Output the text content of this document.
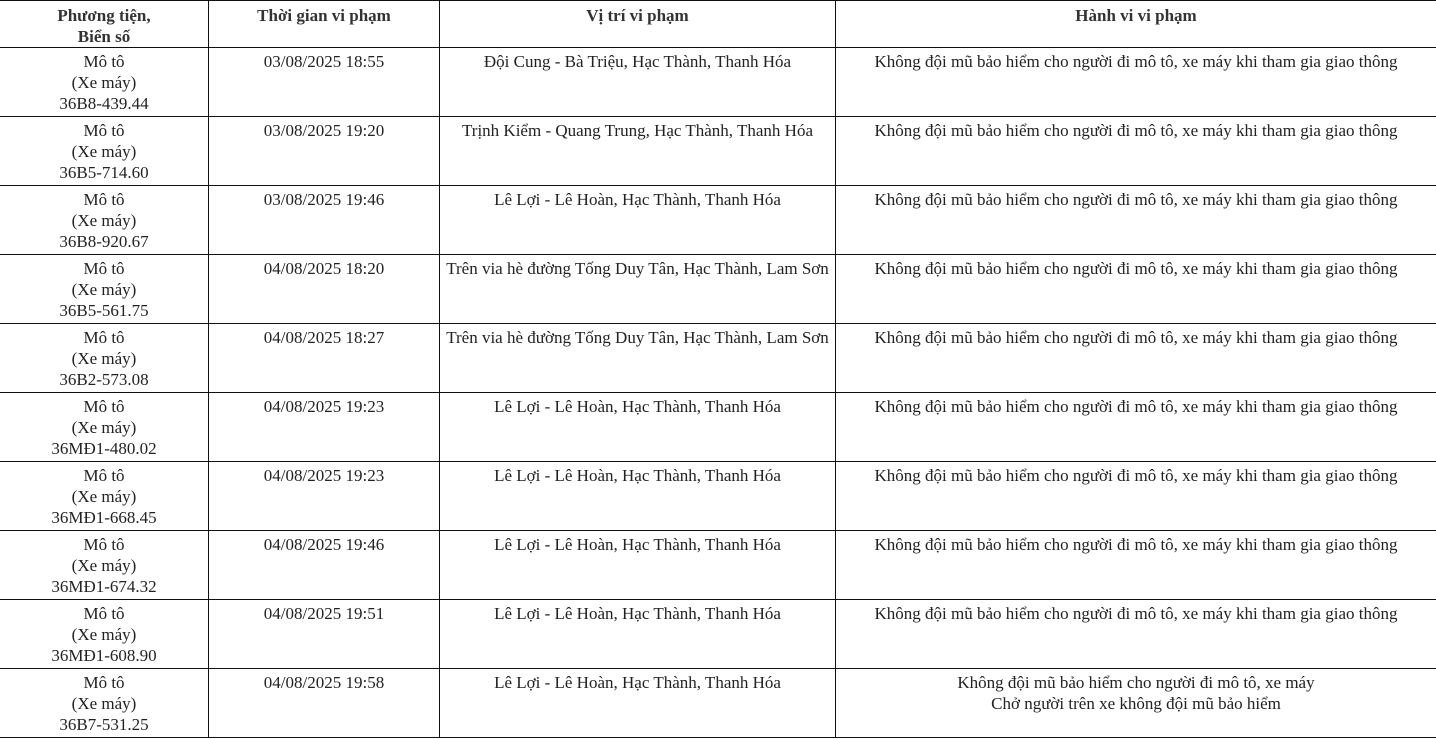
Phương tiện,
Biển số	Thời gian vi phạm	Vị trí vi phạm	Hành vi vi phạm

Mô tô
(Xe máy)
36B8-439.44	03/08/2025 18:55	Đội Cung - Bà Triệu, Hạc Thành, Thanh Hóa	Không đội mũ bảo hiểm cho người đi mô tô, xe máy khi tham gia giao thông

Mô tô
(Xe máy)
36B5-714.60	03/08/2025 19:20	Trịnh Kiểm - Quang Trung, Hạc Thành, Thanh Hóa	Không đội mũ bảo hiểm cho người đi mô tô, xe máy khi tham gia giao thông

Mô tô
(Xe máy)
36B8-920.67	03/08/2025 19:46	Lê Lợi - Lê Hoàn, Hạc Thành, Thanh Hóa	Không đội mũ bảo hiểm cho người đi mô tô, xe máy khi tham gia giao thông

Mô tô
(Xe máy)
36B5-561.75	04/08/2025 18:20	Trên via hè đường Tống Duy Tân, Hạc Thành, Lam Sơn	Không đội mũ bảo hiểm cho người đi mô tô, xe máy khi tham gia giao thông

Mô tô
(Xe máy)
36B2-573.08	04/08/2025 18:27	Trên via hè đường Tống Duy Tân, Hạc Thành, Lam Sơn	Không đội mũ bảo hiểm cho người đi mô tô, xe máy khi tham gia giao thông

Mô tô
(Xe máy)
36MĐ1-480.02	04/08/2025 19:23	Lê Lợi - Lê Hoàn, Hạc Thành, Thanh Hóa	Không đội mũ bảo hiểm cho người đi mô tô, xe máy khi tham gia giao thông

Mô tô
(Xe máy)
36MĐ1-668.45	04/08/2025 19:23	Lê Lợi - Lê Hoàn, Hạc Thành, Thanh Hóa	Không đội mũ bảo hiểm cho người đi mô tô, xe máy khi tham gia giao thông

Mô tô
(Xe máy)
36MĐ1-674.32	04/08/2025 19:46	Lê Lợi - Lê Hoàn, Hạc Thành, Thanh Hóa	Không đội mũ bảo hiểm cho người đi mô tô, xe máy khi tham gia giao thông

Mô tô
(Xe máy)
36MĐ1-608.90	04/08/2025 19:51	Lê Lợi - Lê Hoàn, Hạc Thành, Thanh Hóa	Không đội mũ bảo hiểm cho người đi mô tô, xe máy khi tham gia giao thông

Mô tô
(Xe máy)
36B7-531.25	04/08/2025 19:58	Lê Lợi - Lê Hoàn, Hạc Thành, Thanh Hóa	Không đội mũ bảo hiểm cho người đi mô tô, xe máy
Chở người trên xe không đội mũ bảo hiểm
